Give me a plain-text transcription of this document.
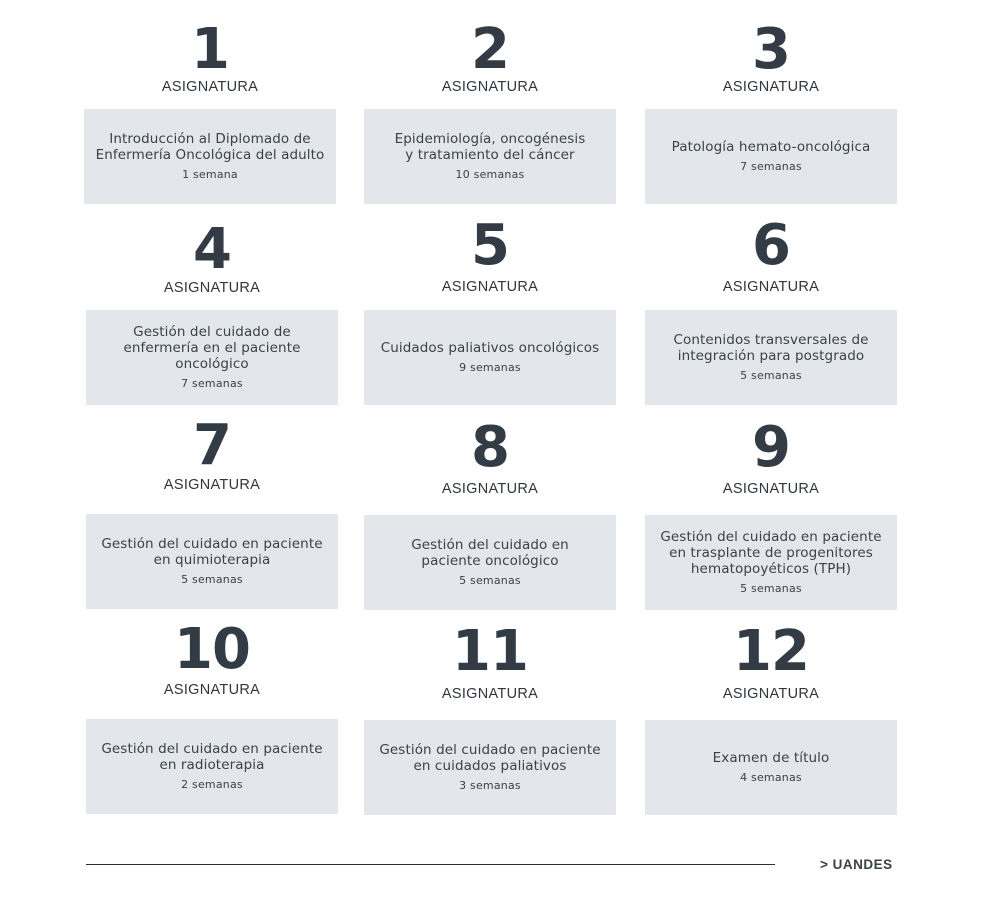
1
ASIGNATURA
Introducción al Diplomado de Enfermería Oncológica del adulto
1 semana
2
ASIGNATURA
Epidemiología, oncogénesis y tratamiento del cáncer
10 semanas
3
ASIGNATURA
Patología hemato-oncológica
7 semanas
4
ASIGNATURA
Gestión del cuidado de enfermería en el paciente oncológico
7 semanas
5
ASIGNATURA
Cuidados paliativos oncológicos
9 semanas
6
ASIGNATURA
Contenidos transversales de integración para postgrado
5 semanas
7
ASIGNATURA
Gestión del cuidado en paciente en quimioterapia
5 semanas
8
ASIGNATURA
Gestión del cuidado en paciente oncológico
5 semanas
9
ASIGNATURA
Gestión del cuidado en paciente en trasplante de progenitores hematopoyéticos (TPH)
5 semanas
10
ASIGNATURA
Gestión del cuidado en paciente en radioterapia
2 semanas
11
ASIGNATURA
Gestión del cuidado en paciente en cuidados paliativos
3 semanas
12
ASIGNATURA
Examen de título
4 semanas
> UANDES
